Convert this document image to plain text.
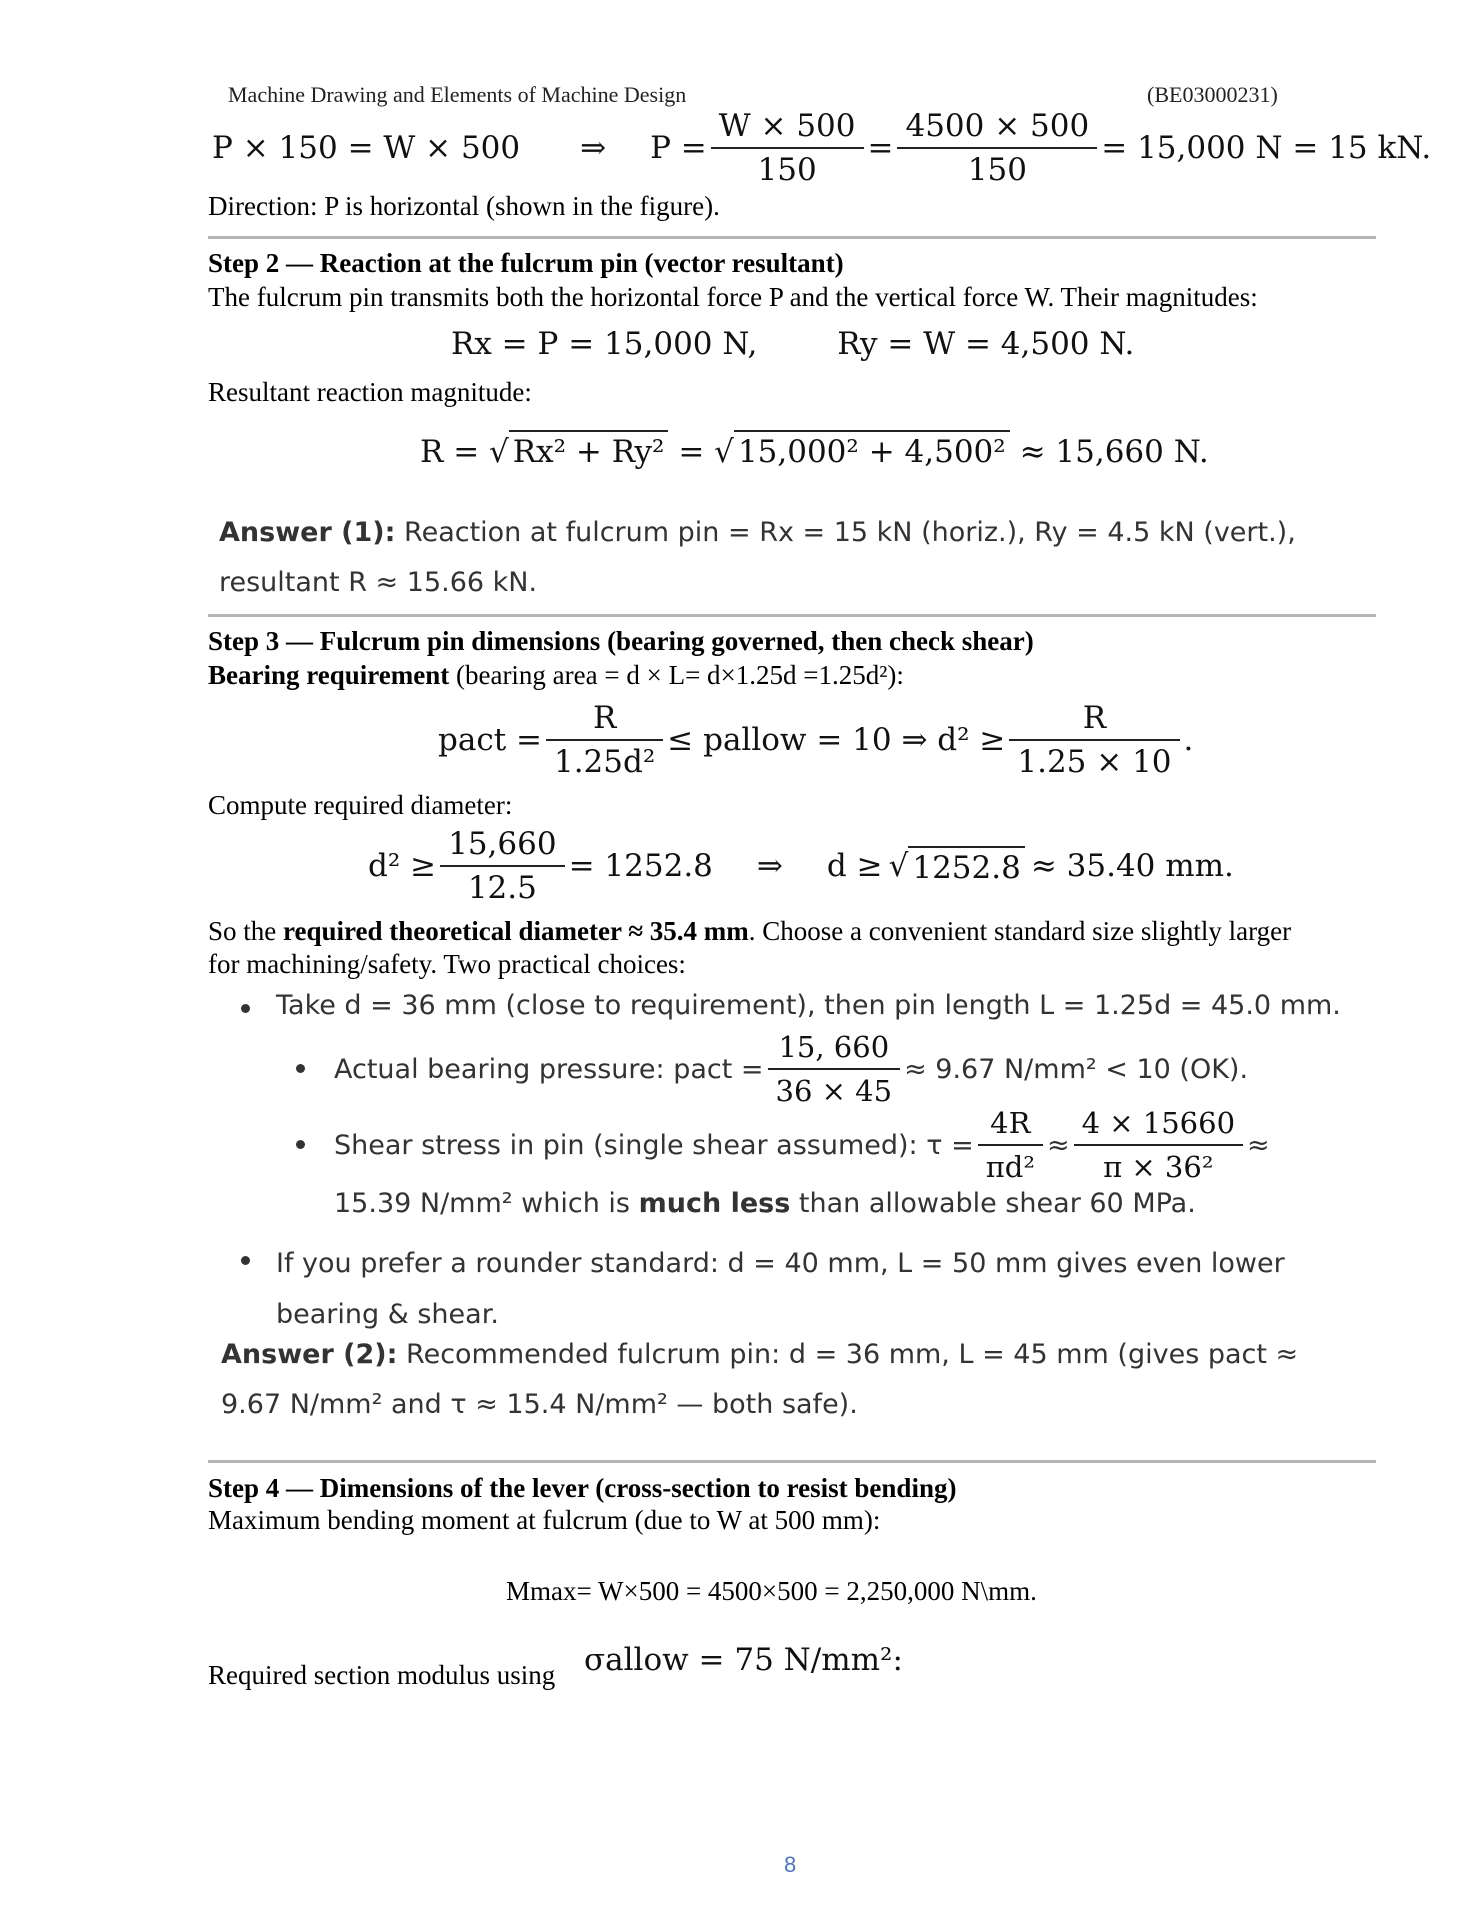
Machine Drawing and Elements of Machine Design	(BE03000231)
P × 150 = W × 500 ⇒ $P = \frac{W \times 500}{150} = \frac{4500 \times 500}{150} = 15,000$ N = 15 kN.
Direction: P is horizontal (shown in the figure).
Step 2 — Reaction at the fulcrum pin (vector resultant)
The fulcrum pin transmits both the horizontal force P and the vertical force W. Their magnitudes:
Rx = P = 15,000 N,	Ry = W = 4,500 N.
Resultant reaction magnitude:
R = √ Rx² + Ry² = √ 15,000² + 4,500² ≈ 15,660 N.
Answer (1): Reaction at fulcrum pin = Rx = 15 kN (horiz.), Ry = 4.5 kN (vert.),
resultant R ≈ 15.66 kN.
Step 3 — Fulcrum pin dimensions (bearing governed, then check shear)
Bearing requirement (bearing area = d × L= d×1.25d =1.25d²):
pact = $\frac{R}{\text{1.25d²}}$ ≤ pallow = 10 ⇒ $d^2 \ge \frac{R}{1.25 \times 10}$ .
Compute required diameter:
$d^2 \ge \frac{15,660}{12.5} = 1252.8$ ⇒ d ≥ √ 1252.8 ≈ 35.40 mm.
So the required theoretical diameter ≈ 35.4 mm. Choose a convenient standard size slightly larger
for machining/safety. Two practical choices:
Take d = 36 mm (close to requirement), then pin length L = 1.25d = 45.0 mm.
Actual bearing pressure: pact = $\frac{15, 660}{36 \times 45} \approx 9.67$ N/mm² < 10 (OK).
Shear stress in pin (single shear assumed): $\tau = \frac{4R}{\text{πd²}} \approx \frac{4 \times 15660}{\text{π × 36²}}$ ≈
15.39 N/mm² which is much less than allowable shear 60 MPa.
If you prefer a rounder standard: d = 40 mm, L = 50 mm gives even lower
bearing & shear.
Answer (2): Recommended fulcrum pin: d = 36 mm, L = 45 mm (gives pact ≈
9.67 N/mm² and τ ≈ 15.4 N/mm² — both safe).
Step 4 — Dimensions of the lever (cross-section to resist bending)
Maximum bending moment at fulcrum (due to W at 500 mm):
Mmax= W×500 = 4500×500 = 2,250,000 N\mm.
Required section modulus using σallow = 75 N/mm²:
8
